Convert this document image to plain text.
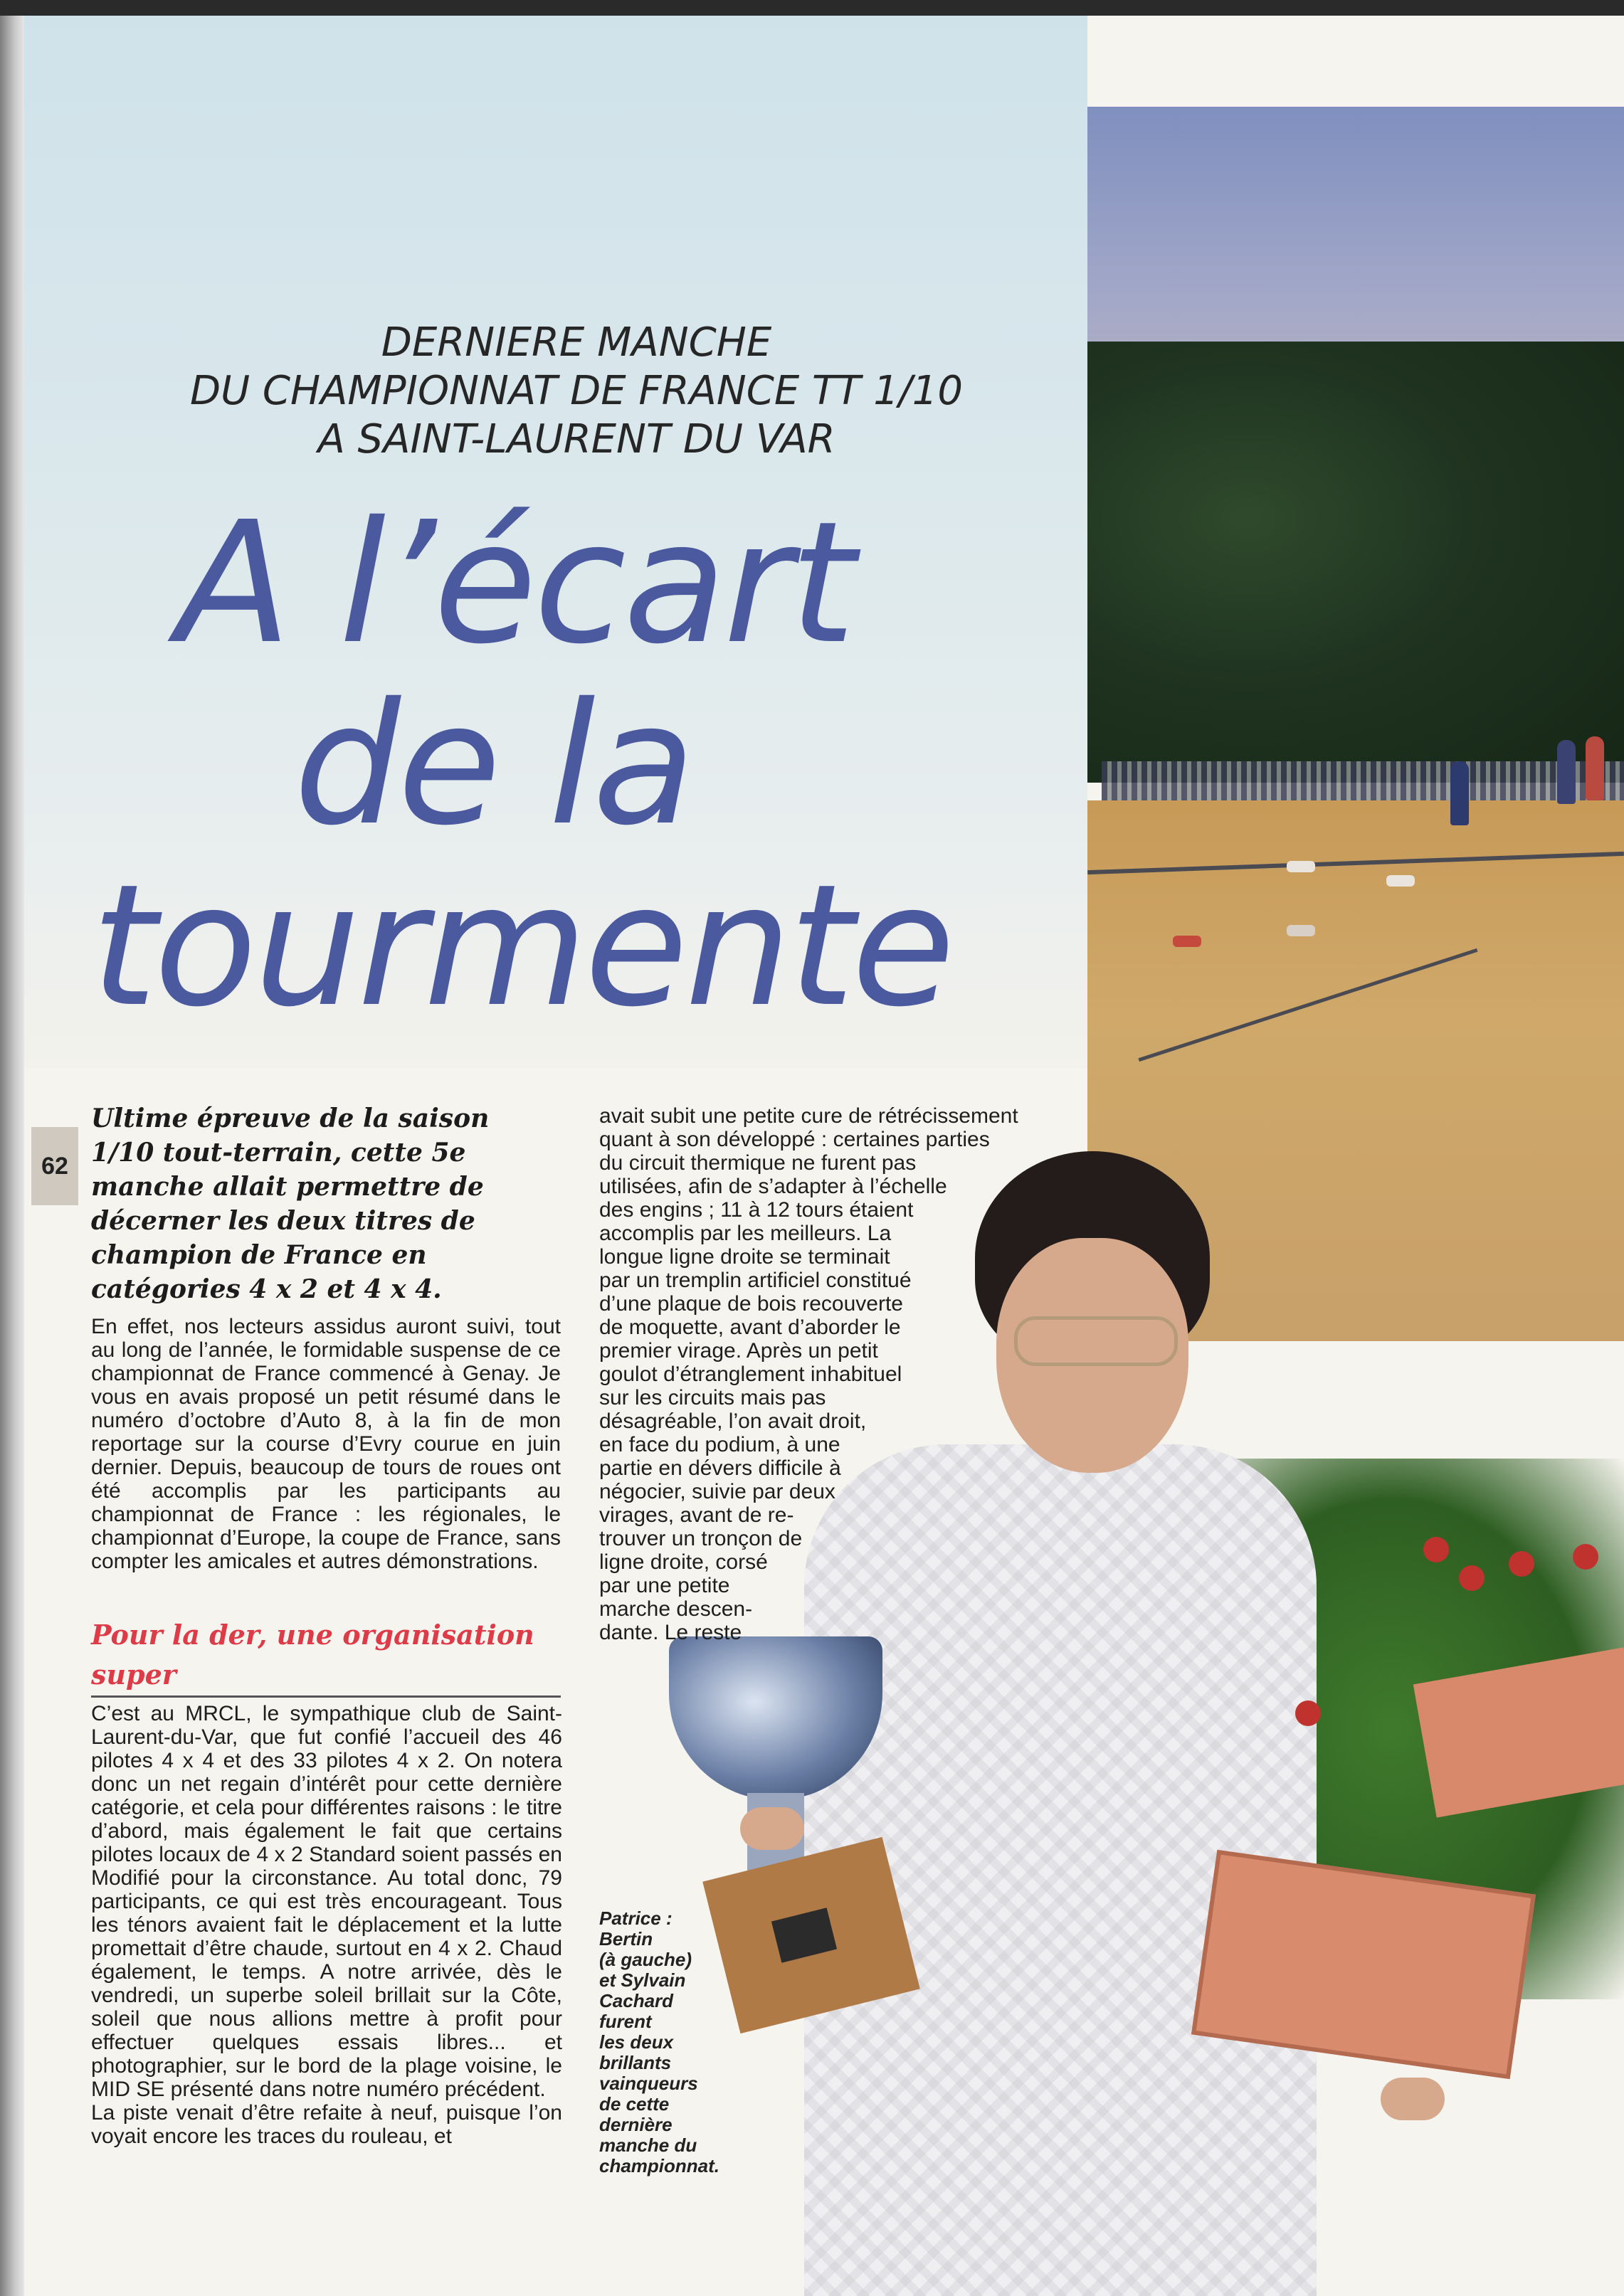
DERNIERE MANCHE
DU CHAMPIONNAT DE FRANCE TT 1/10
A SAINT-LAURENT DU VAR
A l’écart
de la
tourmente
62
Ultime épreuve de la saison 1/10 tout-terrain, cette 5e manche allait permettre de décerner les deux titres de champion de France en catégories 4 x 2 et 4 x 4.

En effet, nos lecteurs assidus auront suivi, tout au long de l’année, le formidable suspense de ce championnat de France commencé à Genay. Je vous en avais proposé un petit résumé dans le numéro d’octobre d’Auto 8, à la fin de mon reportage sur la course d’Evry courue en juin dernier. Depuis, beaucoup de tours de roues ont été accomplis par les participants au championnat de France : les régionales, le championnat d’Europe, la coupe de France, sans compter les amicales et autres démonstrations.

Pour la der, une organisation super

C’est au MRCL, le sympathique club de Saint-Laurent-du-Var, que fut confié l’accueil des 46 pilotes 4 x 4 et des 33 pilotes 4 x 2. On notera donc un net regain d’intérêt pour cette dernière catégorie, et cela pour différentes raisons : le titre d’abord, mais également le fait que certains pilotes locaux de 4 x 2 Standard soient passés en Modifié pour la circonstance. Au total donc, 79 participants, ce qui est très encourageant. Tous les ténors avaient fait le déplacement et la lutte promettait d’être chaude, surtout en 4 x 2. Chaud également, le temps. A notre arrivée, dès le vendredi, un superbe soleil brillait sur la Côte, soleil que nous allions mettre à profit pour effectuer quelques essais libres... et photographier, sur le bord de la plage voisine, le MID SE présenté dans notre numéro précédent.

La piste venait d’être refaite à neuf, puisque l’on voyait encore les traces du rouleau, et

avait subit une petite cure de rétrécissement
quant à son développé : certaines parties
du circuit thermique ne furent pas
utilisées, afin de s’adapter à l’échelle
des engins ; 11 à 12 tours étaient
accomplis par les meilleurs. La
longue ligne droite se terminait
par un tremplin artificiel constitué
d’une plaque de bois recouverte
de moquette, avant d’aborder le
premier virage. Après un petit
goulot d’étranglement inhabituel
sur les circuits mais pas
désagréable, l’on avait droit,
en face du podium, à une
partie en dévers difficile à
négocier, suivie par deux
virages, avant de re-
trouver un tronçon de
ligne droite, corsé
par une petite
marche descen-
dante. Le reste
Patrice :
Bertin
(à gauche)
et Sylvain
Cachard
furent
les deux
brillants
vainqueurs
de cette
dernière
manche du
championnat.
